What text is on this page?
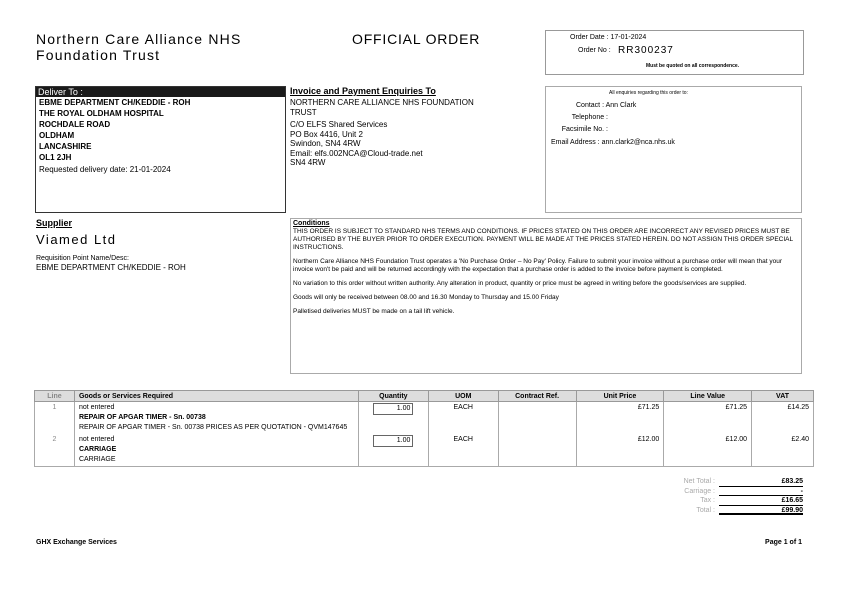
Northern Care Alliance NHS
Foundation Trust
OFFICIAL ORDER	Order Date : 17-01-2024
Order No : RR300237
Must be quoted on all correspondence.
Deliver To :
EBME DEPARTMENT CH/KEDDIE - ROH
THE ROYAL OLDHAM HOSPITAL
ROCHDALE ROAD
OLDHAM
LANCASHIRE
OL1 2JH
Requested delivery date: 21-01-2024
Invoice and Payment Enquiries To
NORTHERN CARE ALLIANCE NHS FOUNDATION
TRUST
C/O ELFS Shared Services
PO Box 4416, Unit 2
Swindon, SN4 4RW
Email: elfs.002NCA@Cloud-trade.net
SN4 4RW
All enquiries regarding this order to:
Contact : Ann Clark
Telephone :
Facsimile No. :
Email Address : ann.clark2@nca.nhs.uk
Supplier
Viamed Ltd
Requisition Point Name/Desc:
EBME DEPARTMENT CH/KEDDIE - ROH
Conditions

THIS ORDER IS SUBJECT TO STANDARD NHS TERMS AND CONDITIONS. IF PRICES STATED ON THIS ORDER ARE INCORRECT ANY REVISED PRICES MUST BE AUTHORISED BY THE BUYER PRIOR TO ORDER EXECUTION. PAYMENT WILL BE MADE AT THE PRICES STATED HEREIN. DO NOT ASSIGN THIS ORDER SPECIAL INSTRUCTIONS.

Northern Care Alliance NHS Foundation Trust operates a 'No Purchase Order – No Pay' Policy. Failure to submit your invoice without a purchase order will mean that your invoice won't be paid and will be returned accordingly with the expectation that a purchase order is added to the invoice before payment is completed.

No variation to this order without written authority. Any alteration in product, quantity or price must be agreed in writing before the goods/services are supplied.

Goods will only be received between 08.00 and 16.30 Monday to Thursday and 15.00 Friday

Palletised deliveries MUST be made on a tail lift vehicle.

Line	Goods or Services Required	Quantity	UOM	Contract Ref.	Unit Price	Line Value	VAT
1	not entered
REPAIR OF APGAR TIMER - Sn. 00738
REPAIR OF APGAR TIMER - Sn. 00738 PRICES AS PER QUOTATION - QVM147645	1.00	EACH		£71.25	£71.25	£14.25
2	not entered
CARRIAGE
CARRIAGE	1.00	EACH		£12.00	£12.00	£2.40
Net Total :	£83.25
Carriage :	-
Tax :	£16.65
Total :	£99.90
GHX Exchange Services	Page 1 of 1
